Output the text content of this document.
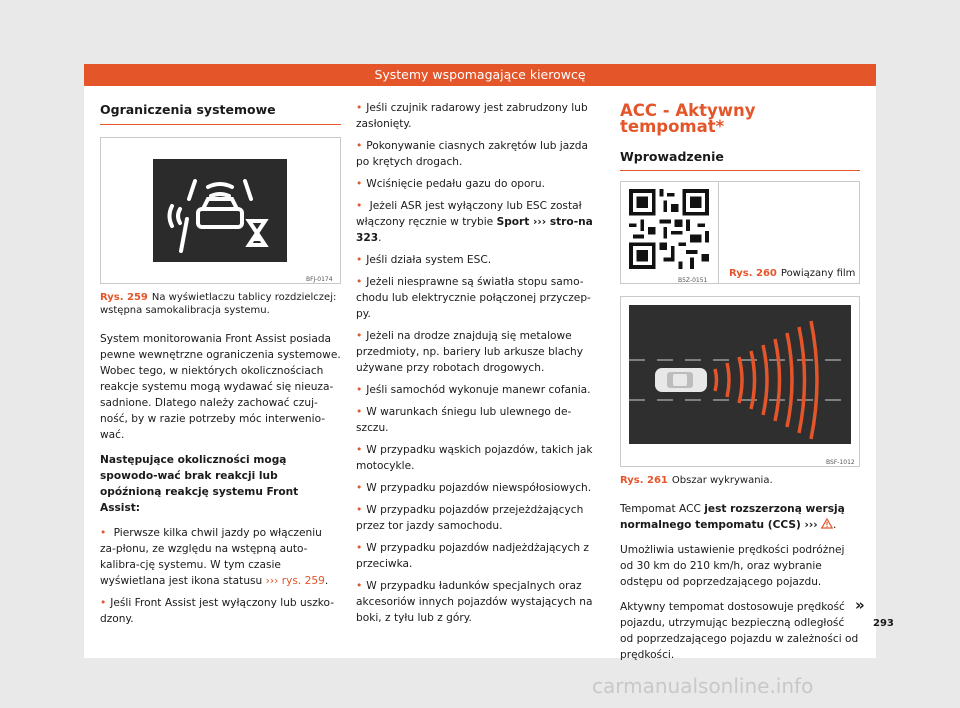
Systemy wspomagające kierowcę
Ograniczenia systemowe
BFJ-0174
Rys. 259 Na wyświetlaczu tablicy rozdzielczej: wstępna samokalibracja systemu.

System monitorowania Front Assist posiada pewne wewnętrzne ograniczenia systemowe. Wobec tego, w niektórych okolicznościach reakcje systemu mogą wydawać się nieuza-sadnione. Dlatego należy zachować czuj-ność, by w razie potrzeby móc interwenio-wać.

Następujące okoliczności mogą spowodo-wać brak reakcji lub opóźnioną reakcję systemu Front Assist:

• Pierwsze kilka chwil jazdy po włączeniu za-płonu, ze względu na wstępną auto-kalibra-cję systemu. W tym czasie wyświetlana jest ikona statusu ››› rys. 259.
• Jeśli Front Assist jest wyłączony lub uszko-dzony.
• Jeśli czujnik radarowy jest zabrudzony lub zasłonięty.
• Pokonywanie ciasnych zakrętów lub jazda po krętych drogach.
• Wciśnięcie pedału gazu do oporu.
• Jeżeli ASR jest wyłączony lub ESC został włączony ręcznie w trybie Sport ››› stro-na 323.
• Jeśli działa system ESC.
• Jeżeli niesprawne są światła stopu samo-chodu lub elektrycznie połączonej przyczep-py.
• Jeżeli na drodze znajdują się metalowe przedmioty, np. bariery lub arkusze blachy używane przy robotach drogowych.
• Jeśli samochód wykonuje manewr cofania.
• W warunkach śniegu lub ulewnego de-szczu.
• W przypadku wąskich pojazdów, takich jak motocykle.
• W przypadku pojazdów niewspółosiowych.
• W przypadku pojazdów przejeżdżających przez tor jazdy samochodu.
• W przypadku pojazdów nadjeżdżających z przeciwka.
• W przypadku ładunków specjalnych oraz akcesoriów innych pojazdów wystających na boki, z tyłu lub z góry.
ACC - Aktywny tempomat*
Wprowadzenie
B5Z-0151
Rys. 260 Powiązany film
BSF-1012
Rys. 261 Obszar wykrywania.

Tempomat ACC jest rozszerzoną wersją normalnego tempomatu (CCS) ››› .

Umożliwia ustawienie prędkości podróżnej od 30 km do 210 km/h, oraz wybranie odstępu od poprzedzającego pojazdu.

Aktywny tempomat dostosowuje prędkość pojazdu, utrzymując bezpieczną odległość od poprzedzającego pojazdu w zależności od prędkości.

»
293
carmanualsonline.info
